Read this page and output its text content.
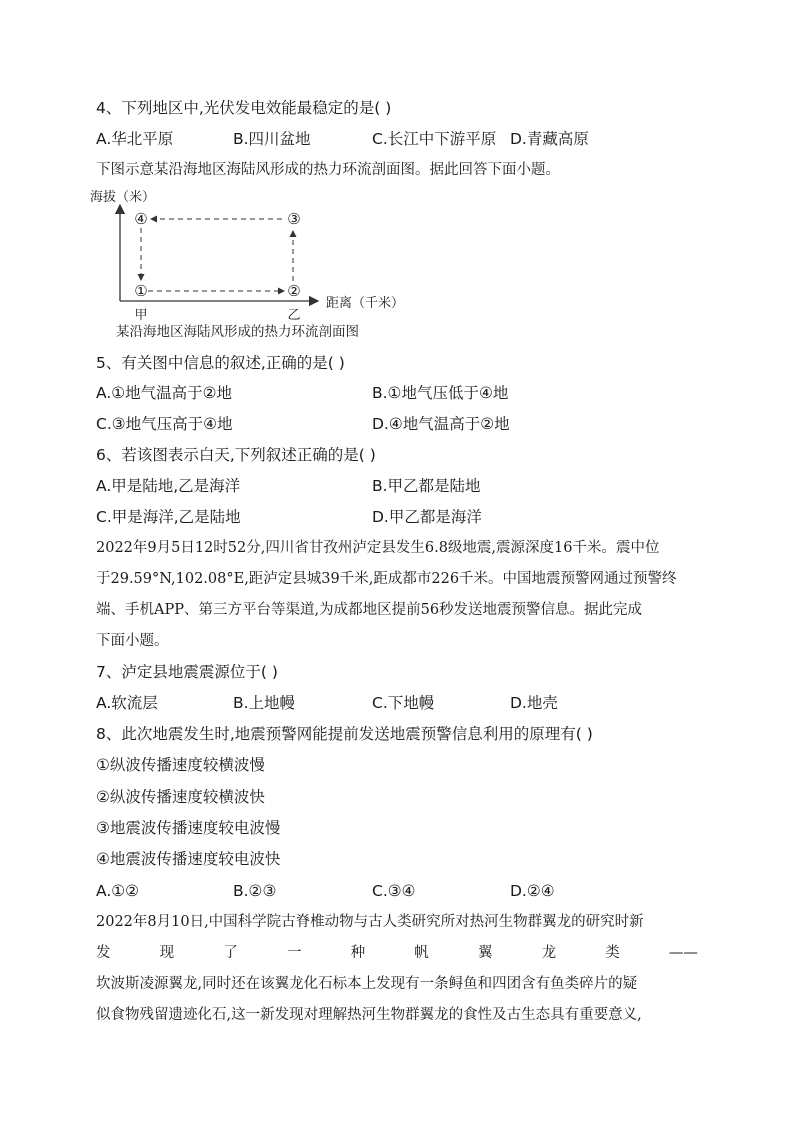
4、下列地区中,光伏发电效能最稳定的是( )
A.华北平原	B.四川盆地	C.长江中下游平原 D.青藏高原
下图示意某沿海地区海陆风形成的热力环流剖面图。据此回答下面小题。
海拔（米）
距离（千米）
①	②
③
④
甲	乙
某沿海地区海陆风形成的热力环流剖面图
5、有关图中信息的叙述,正确的是( )
A.①地气温高于②地	B.①地气压低于④地
C.③地气压高于④地	D.④地气温高于②地
6、若该图表示白天,下列叙述正确的是( )
A.甲是陆地,乙是海洋	B.甲乙都是陆地
C.甲是海洋,乙是陆地	D.甲乙都是海洋
2022年9月5日12时52分,四川省甘孜州泸定县发生6.8级地震,震源深度16千米。震中位
于29.59°N,102.08°E,距泸定县城39千米,距成都市226千米。中国地震预警网通过预警终
端、手机APP、第三方平台等渠道,为成都地区提前56秒发送地震预警信息。据此完成
下面小题。
7、泸定县地震震源位于( )
A.软流层	B.上地幔	C.下地幔	D.地壳
8、此次地震发生时,地震预警网能提前发送地震预警信息利用的原理有( )
①纵波传播速度较横波慢
②纵波传播速度较横波快
③地震波传播速度较电波慢
④地震波传播速度较电波快
A.①②	B.②③	C.③④	D.②④
2022年8月10日,中国科学院古脊椎动物与古人类研究所对热河生物群翼龙的研究时新
发	现	了	一	种	帆	翼	龙	类	——
坎波斯凌源翼龙,同时还在该翼龙化石标本上发现有一条鲟鱼和四团含有鱼类碎片的疑
似食物残留遗迹化石,这一新发现对理解热河生物群翼龙的食性及古生态具有重要意义,
